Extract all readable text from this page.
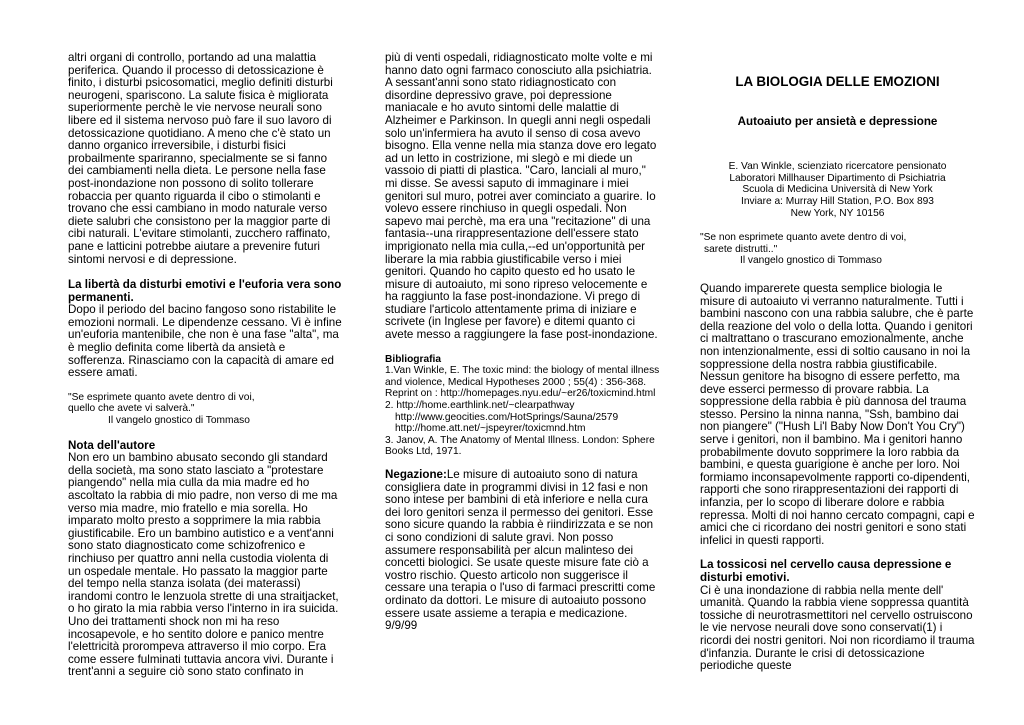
altri organi di controllo, portando ad una malattia periferica. Quando il processo di detossicazione è finito, i disturbi psicosomatici, meglio definiti disturbi neurogeni, spariscono. La salute fisica è migliorata superiormente perchè le vie nervose neurali sono libere ed il sistema nervoso può fare il suo lavoro di detossicazione quotidiano. A meno che c'è stato un danno organico irreversibile, i disturbi fisici probailmente spariranno, specialmente se si fanno dei cambiamenti nella dieta. Le persone nella fase post-inondazione non possono di solito tollerare robaccia per quanto riguarda il cibo o stimolanti e trovano che essi cambiano in modo naturale verso diete salubri che consistono per la maggior parte di cibi naturali. L'evitare stimolanti, zucchero raffinato, pane e latticini potrebbe aiutare a prevenire futuri sintomi nervosi e di depressione.

La libertà da disturbi emotivi e l'euforia vera sono permanenti.

Dopo il periodo del bacino fangoso sono ristabilite le emozioni normali. Le dipendenze cessano. Vi è infine un'euforia mantenibile, che non è una fase "alta", ma è meglio definita come libertà da ansietà e sofferenza. Rinasciamo con la capacità di amare ed essere amati.

"Se esprimete quanto avete dentro di voi,
quello che avete vi salverà."
Il vangelo gnostico di Tommaso

Nota dell'autore

Non ero un bambino abusato secondo gli standard della società, ma sono stato lasciato a "protestare piangendo" nella mia culla da mia madre ed ho ascoltato la rabbia di mio padre, non verso di me ma verso mia madre, mio fratello e mia sorella. Ho imparato molto presto a sopprimere la mia rabbia giustificabile. Ero un bambino autistico e a vent'anni sono stato diagnosticato come schizofrenico e rinchiuso per quattro anni nella custodia violenta di un ospedale mentale. Ho passato la maggior parte del tempo nella stanza isolata (dei materassi) irandomi contro le lenzuola strette di una straitjacket, o ho girato la mia rabbia verso l'interno in ira suicida. Uno dei trattamenti shock non mi ha reso incosapevole, e ho sentito dolore e panico mentre l'elettricità prorompeva attraverso il mio corpo. Era come essere fulminati tuttavia ancora vivi. Durante i trent'anni a seguire ciò sono stato confinato in

più di venti ospedali, ridiagnosticato molte volte e mi hanno dato ogni farmaco conosciuto alla psichiatria. A sessant'anni sono stato ridiagnosticato con disordine depressivo grave, poi depressione maniacale e ho avuto sintomi delle malattie di Alzheimer e Parkinson. In quegli anni negli ospedali solo un'infermiera ha avuto il senso di cosa avevo bisogno. Ella venne nella mia stanza dove ero legato ad un letto in costrizione, mi slegò e mi diede un vassoio di piatti di plastica. "Caro, lanciali al muro," mi disse. Se avessi saputo di immaginare i miei genitori sul muro, potrei aver cominciato a guarire. Io volevo essere rinchiuso in quegli ospedali. Non sapevo mai perchè, ma era una "recitazione" di una fantasia--una rirappresentazione dell'essere stato imprigionato nella mia culla,--ed un'opportunità per liberare la mia rabbia giustificabile verso i miei genitori. Quando ho capito questo ed ho usato le misure di autoaiuto, mi sono ripreso velocemente e ha raggiunto la fase post-inondazione. Vi prego di studiare l'articolo attentamente prima di iniziare e scrivete (in Inglese per favore) e ditemi quanto ci avete messo a raggiungere la fase post-inondazione.

Bibliografia
1.Van Winkle, E. The toxic mind: the biology of mental illness and violence, Medical Hypotheses 2000 ; 55(4) : 356-368. Reprint on : http://homepages.nyu.edu/~er26/toxicmind.html
2. http://home.earthlink.net/~clearpathway
http://www.geocities.com/HotSprings/Sauna/2579
http://home.att.net/~jspeyrer/toxicmnd.htm
3. Janov, A. The Anatomy of Mental Illness. London: Sphere Books Ltd, 1971.

Negazione:Le misure di autoaiuto sono di natura consigliera date in programmi divisi in 12 fasi e non sono intese per bambini di età inferiore e nella cura dei loro genitori senza il permesso dei genitori. Esse sono sicure quando la rabbia è riindirizzata e se non ci sono condizioni di salute gravi. Non posso assumere responsabilità per alcun malinteso dei concetti biologici. Se usate queste misure fate ciò a vostro rischio. Questo articolo non suggerisce il cessare una terapia o l'uso di farmaci prescritti come ordinato da dottori. Le misure di autoaiuto possono essere usate assieme a terapia e medicazione. 9/9/99

LA BIOLOGIA DELLE EMOZIONI
Autoaiuto per ansietà e depressione
E. Van Winkle, scienziato ricercatore pensionato
Laboratori Millhauser Dipartimento di Psichiatria
Scuola di Medicina Università di New York
Inviare a: Murray Hill Station, P.O. Box 893
New York, NY 10156
"Se non esprimete quanto avete dentro di voi,
sarete distrutti.."
Il vangelo gnostico di Tommaso

Quando imparerete questa semplice biologia le misure di autoaiuto vi verranno naturalmente. Tutti i bambini nascono con una rabbia salubre, che è parte della reazione del volo o della lotta. Quando i genitori ci maltrattano o trascurano emozionalmente, anche non intenzionalmente, essi di soltio causano in noi la soppressione della nostra rabbia giustificabile. Nessun genitore ha bisogno di essere perfetto, ma deve esserci permesso di provare rabbia. La soppressione della rabbia è più dannosa del trauma stesso. Persino la ninna nanna, "Ssh, bambino dai non piangere" ("Hush Li'l Baby Now Don't You Cry") serve i genitori, non il bambino. Ma i genitori hanno probabilmente dovuto sopprimere la loro rabbia da bambini, e questa guarigione è anche per loro. Noi formiamo inconsapevolmente rapporti co-dipendenti, rapporti che sono rirappresentazioni dei rapporti di infanzia, per lo scopo di liberare dolore e rabbia repressa. Molti di noi hanno cercato compagni, capi e amici che ci ricordano dei nostri genitori e sono stati infelici in questi rapporti.

La tossicosi nel cervello causa depressione e disturbi emotivi.

Ci è una inondazione di rabbia nella mente dell' umanità. Quando la rabbia viene soppressa quantità tossiche di neurotrasmettitori nel cervello ostruiscono le vie nervose neurali dove sono conservati(1) i ricordi dei nostri genitori. Noi non ricordiamo il trauma d'infanzia. Durante le crisi di detossicazione periodiche queste
